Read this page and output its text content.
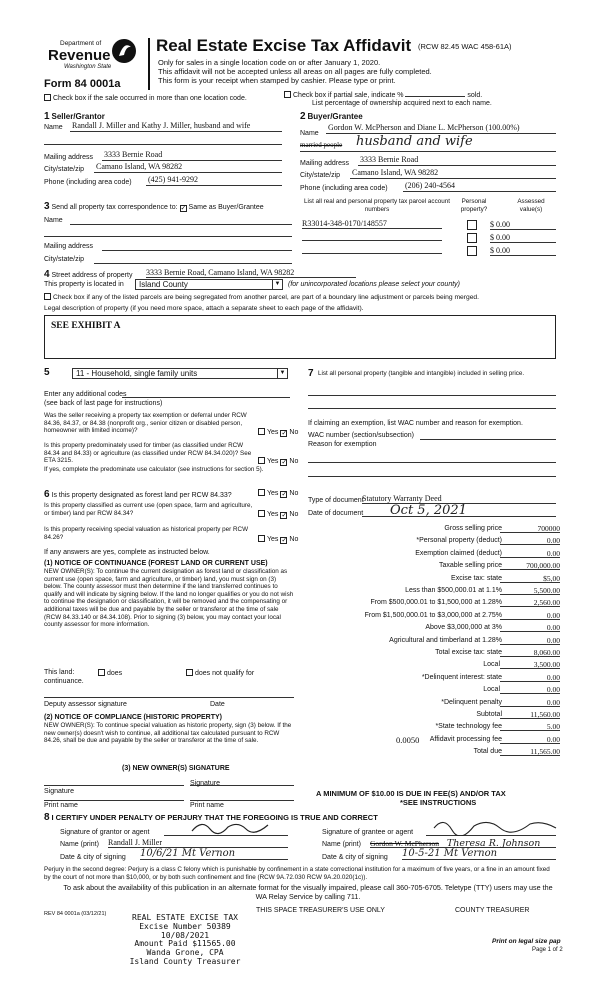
Department of
Revenue
Washington State
Form 84 0001a
Real Estate Excise Tax Affidavit (RCW 82.45 WAC 458-61A)
Only for sales in a single location code on or after January 1, 2020.
This affidavit will not be accepted unless all areas on all pages are fully completed.
This form is your receipt when stamped by cashier. Please type or print.
Check box if the sale occurred in more than one location code.	Check box if partial sale, indicate %	sold.
List percentage of ownership acquired next to each name.
1 Seller/Grantor
Name Randall J. Miller and Kathy J. Miller, husband and wife
Mailing address 3333 Bernie Road
City/state/zip Camano Island, WA 98282
Phone (including area code) (425) 941-9292
2 Buyer/Grantee
Name
Gordon W. McPherson and Diane L. McPherson (100.00%)
married people husband and wife
Mailing address 3333 Bernie Road
City/state/zip Camano Island, WA 98282
Phone (including area code) (206) 240-4564
3 Send all property tax correspondence to: ✓ Same as Buyer/Grantee
Name
Mailing address
City/state/zip
List all real and personal property tax parcel account numbers
Personal property?
Assessed value(s)
R33014-348-0170/148557	$ 0.00
$ 0.00
$ 0.00
4 Street address of property 3333 Bernie Road, Camano Island, WA 98282
This property is located in	Island County	▼ (for unincorporated locations please select your county)
Check box if any of the listed parcels are being segregated from another parcel, are part of a boundary line adjustment or parcels being merged.
Legal description of property (if you need more space, attach a separate sheet to each page of the affidavit).
SEE EXHIBIT A
5	11 - Household, single family units	▼
Enter any additional codes
(see back of last page for instructions)
Was the seller receiving a property tax exemption or deferral under RCW 84.36, 84.37, or 84.38 (nonprofit org., senior citizen or disabled person, homeowner with limited income)?	Yes ✓ No
Is this property predominately used for timber (as classified under RCW 84.34 and 84.33) or agriculture (as classified under RCW 84.34.020)? See ETA 3215.	Yes ✓ No
If yes, complete the predominate use calculator (see instructions for section 5).
6 Is this property designated as forest land per RCW 84.33?	Yes ✓ No
Is this property classified as current use (open space, farm and agriculture, or timber) land per RCW 84.34?	Yes ✓ No
Is this property receiving special valuation as historical property per RCW 84.26?	Yes ✓ No
If any answers are yes, complete as instructed below.
(1) NOTICE OF CONTINUANCE (FOREST LAND OR CURRENT USE)
NEW OWNER(S): To continue the current designation as forest land or classification as current use (open space, farm and agriculture, or timber) land, you must sign on (3) below. The county assessor must then determine if the land transferred continues to qualify and will indicate by signing below. If the land no longer qualifies or you do not wish to continue the designation or classification, it will be removed and the compensating or additional taxes will be due and payable by the seller or transferor at the time of sale (RCW 84.33.140 or 84.34.108). Prior to signing (3) below, you may contact your local county assessor for more information.
This land:	does	does not qualify for
continuance.
Deputy assessor signature	Date
(2) NOTICE OF COMPLIANCE (HISTORIC PROPERTY)
NEW OWNER(S): To continue special valuation as historic property, sign (3) below. If the new owner(s) doesn't wish to continue, all additional tax calculated pursuant to RCW 84.26, shall be due and payable by the seller or transferor at the time of sale.
(3) NEW OWNER(S) SIGNATURE
Signature
Signature
Print name	Print name
7 List all personal property (tangible and intangible) included in selling price.
If claiming an exemption, list WAC number and reason for exemption.
WAC number (section/subsection)
Reason for exemption
Type of document
Statutory Warranty Deed
Date of document	Oct 5, 2021
Gross selling price	700000
*Personal property (deduct)	0.00
Exemption claimed (deduct)	0.00
Taxable selling price	700,000.00
Excise tax: state	$5,00
Less than $500,000.01 at 1.1%	5,500.00
From $500,000.01 to $1,500,000 at 1.28%	2,560.00
From $1,500,000.01 to $3,000,000 at 2.75%	0.00
Above $3,000,000 at 3%	0.00
Agricultural and timberland at 1.28%	0.00
Total excise tax: state	8,060.00
Local	3,500.00
*Delinquent interest: state	0.00
Local	0.00
*Delinquent penalty	0.00
Subtotal	11,560.00
*State technology fee	5.00
Affidavit processing fee	0.00
Total due	11,565.00
0.0050
A MINIMUM OF $10.00 IS DUE IN FEE(S) AND/OR TAX
*SEE INSTRUCTIONS
8 I CERTIFY UNDER PENALTY OF PERJURY THAT THE FOREGOING IS TRUE AND CORRECT
Signature of grantor or agent	Randall J Miller
Name (print) Randall J. Miller
Date & city of signing 10/6/21 Mt Vernon
Signature of grantee or agent	Theresa R Johnson
Name (print) Gordon W. McPherson Theresa R. Johnson
Date & city of signing 10-5-21 Mt Vernon
Perjury in the second degree: Perjury is a class C felony which is punishable by confinement in a state correctional institution for a maximum of five years, or a fine in an amount fixed by the court of not more than $10,000, or by both such confinement and fine (RCW 9A.72.030 RCW 9A.20.020(1c)).
To ask about the availability of this publication in an alternate format for the visually impaired, please call 360-705-6705. Teletype (TTY) users may use the WA Relay Service by calling 711.
REV 84 0001a (03/12/21)	THIS SPACE TREASURER'S USE ONLY	COUNTY TREASURER
REAL ESTATE EXCISE TAX
Excise Number 50389
10/08/2021
Amount Paid $11565.00
Wanda Grone, CPA
Island County Treasurer
Print on legal size pap
Page 1 of 2
